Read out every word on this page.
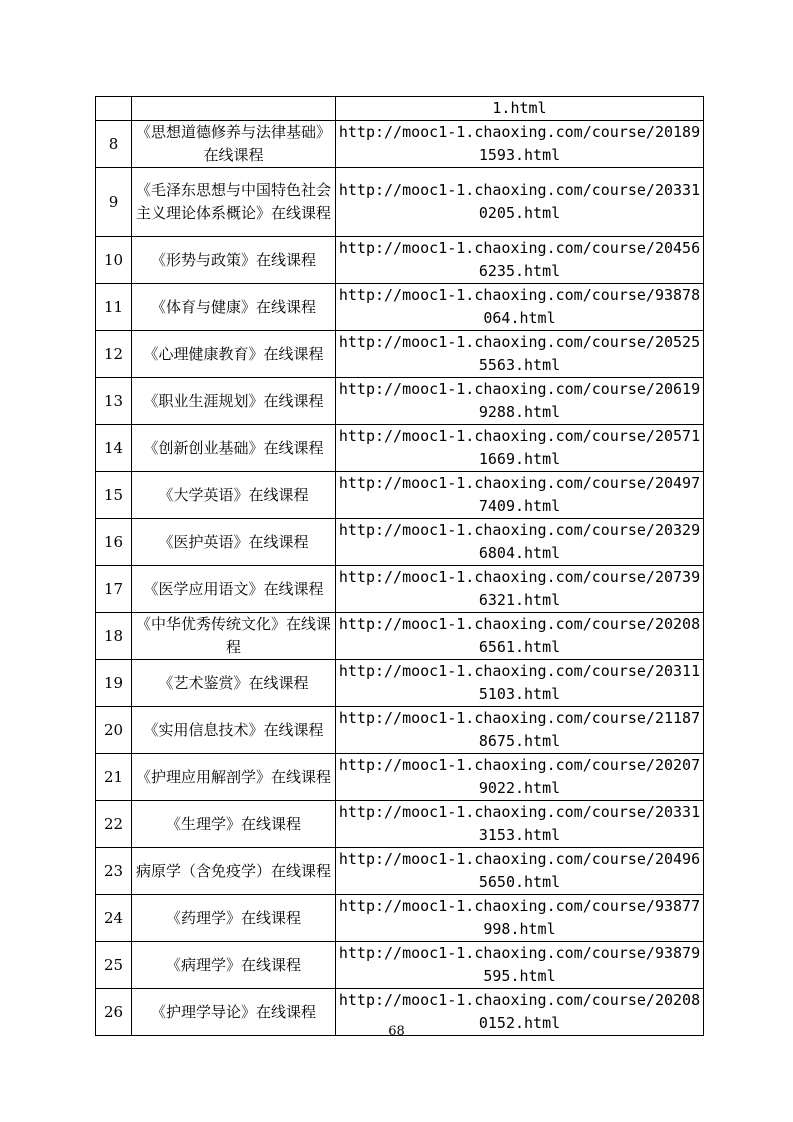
		1.html
8	《思想道德修养与法律基础》在线课程	http://mooc1-1.chaoxing.com/course/201891593.html
9	《毛泽东思想与中国特色社会主义理论体系概论》在线课程	http://mooc1-1.chaoxing.com/course/203310205.html
10	《形势与政策》在线课程	http://mooc1-1.chaoxing.com/course/204566235.html
11	《体育与健康》在线课程	http://mooc1-1.chaoxing.com/course/93878064.html
12	《心理健康教育》在线课程	http://mooc1-1.chaoxing.com/course/205255563.html
13	《职业生涯规划》在线课程	http://mooc1-1.chaoxing.com/course/206199288.html
14	《创新创业基础》在线课程	http://mooc1-1.chaoxing.com/course/205711669.html
15	《大学英语》在线课程	http://mooc1-1.chaoxing.com/course/204977409.html
16	《医护英语》在线课程	http://mooc1-1.chaoxing.com/course/203296804.html
17	《医学应用语文》在线课程	http://mooc1-1.chaoxing.com/course/207396321.html
18	《中华优秀传统文化》在线课程	http://mooc1-1.chaoxing.com/course/202086561.html
19	《艺术鉴赏》在线课程	http://mooc1-1.chaoxing.com/course/203115103.html
20	《实用信息技术》在线课程	http://mooc1-1.chaoxing.com/course/211878675.html
21	《护理应用解剖学》在线课程	http://mooc1-1.chaoxing.com/course/202079022.html
22	《生理学》在线课程	http://mooc1-1.chaoxing.com/course/203313153.html
23	病原学（含免疫学）在线课程	http://mooc1-1.chaoxing.com/course/204965650.html
24	《药理学》在线课程	http://mooc1-1.chaoxing.com/course/93877998.html
25	《病理学》在线课程	http://mooc1-1.chaoxing.com/course/93879595.html
26	《护理学导论》在线课程	http://mooc1-1.chaoxing.com/course/202080152.html
68
